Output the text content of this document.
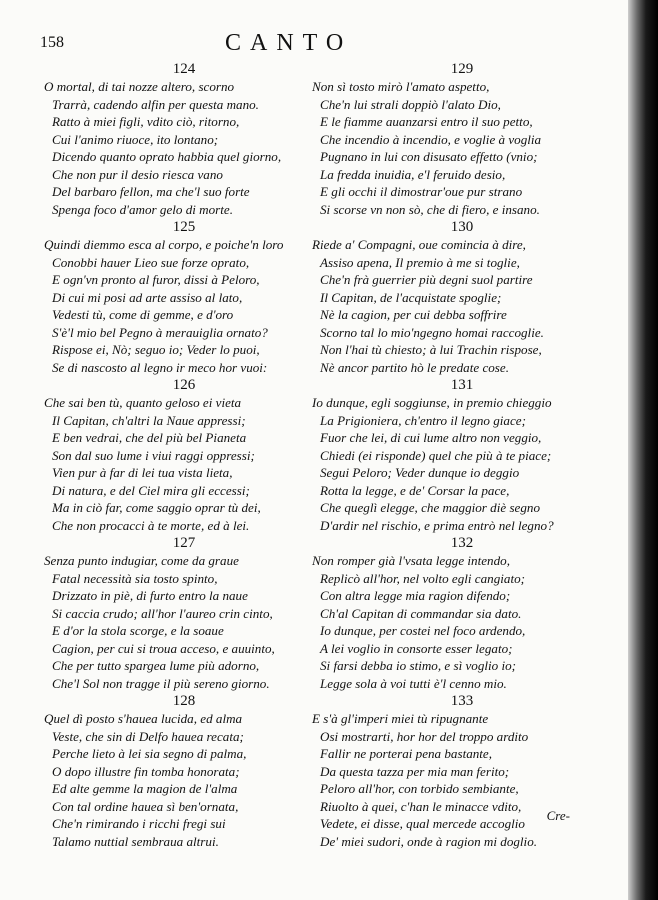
158	CANTO
124
O mortal, di tai nozze altero, scorno
Trarrà, cadendo alfin per questa mano.
Ratto à miei figli, vdito ciò, ritorno,
Cui l'animo riuoce, ito lontano;
Dicendo quanto oprato habbia quel giorno,
Che non pur il desio riesca vano
Del barbaro fellon, ma che'l suo forte
Spenga foco d'amor gelo di morte.
125
Quindi diemmo esca al corpo, e poiche'n loro
Conobbi hauer Lieo sue forze oprato,
E ogn'vn pronto al furor, dissi à Peloro,
Di cui mi posi ad arte assiso al lato,
Vedesti tù, come di gemme, e d'oro
S'è'l mio bel Pegno à merauiglia ornato?
Rispose ei, Nò; seguo io; Veder lo puoi,
Se di nascosto al legno ir meco hor vuoi:
126
Che sai ben tù, quanto geloso ei vieta
Il Capitan, ch'altri la Naue appressi;
E ben vedrai, che del più bel Pianeta
Son dal suo lume i viui raggi oppressi;
Vien pur à far di lei tua vista lieta,
Di natura, e del Ciel mira gli eccessi;
Ma in ciò far, come saggio oprar tù dei,
Che non procacci à te morte, ed à lei.
127
Senza punto indugiar, come da graue
Fatal necessità sia tosto spinto,
Drizzato in piè, di furto entro la naue
Si caccia crudo; all'hor l'aureo crin cinto,
E d'or la stola scorge, e la soaue
Cagion, per cui si troua acceso, e auuinto,
Che per tutto spargea lume più adorno,
Che'l Sol non tragge il più sereno giorno.
128
Quel dì posto s'hauea lucida, ed alma
Veste, che sin di Delfo hauea recata;
Perche lieto à lei sia segno di palma,
O dopo illustre fin tomba honorata;
Ed alte gemme la magion de l'alma
Con tal ordine hauea sì ben'ornata,
Che'n rimirando i ricchi fregi sui
Talamo nuttial sembraua altrui.
129
Non sì tosto mirò l'amato aspetto,
Che'n lui strali doppiò l'alato Dio,
E le fiamme auanzarsi entro il suo petto,
Che incendio à incendio, e voglie à voglia
Pugnano in lui con disusato effetto (vnio;
La fredda inuidia, e'l feruido desio,
E gli occhi il dimostrar'oue pur strano
Si scorse vn non sò, che di fiero, e insano.
130
Riede a' Compagni, oue comincia à dire,
Assiso apena, Il premio à me si toglie,
Che'n frà guerrier più degni suol partire
Il Capitan, de l'acquistate spoglie;
Nè la cagion, per cui debba soffrire
Scorno tal lo mio'ngegno homai raccoglie.
Non l'hai tù chiesto; à lui Trachin rispose,
Nè ancor partito hò le predate cose.
131
Io dunque, egli soggiunse, in premio chieggio
La Prigioniera, ch'entro il legno giace;
Fuor che lei, di cui lume altro non veggio,
Chiedi (ei risponde) quel che più à te piace;
Segui Peloro; Veder dunque io deggio
Rotta la legge, e de' Corsar la pace,
Che queglì elegge, che maggior diè segno
D'ardir nel rischio, e prima entrò nel legno?
132
Non romper già l'vsata legge intendo,
Replicò all'hor, nel volto egli cangiato;
Con altra legge mia ragion difendo;
Ch'al Capitan di commandar sia dato.
Io dunque, per costei nel foco ardendo,
A lei voglio in consorte esser legato;
Si farsi debba io stimo, e sì voglio io;
Legge sola à voi tutti è'l cenno mio.
133
E s'à gl'imperi miei tù ripugnante
Osi mostrarti, hor hor del troppo ardito
Fallir ne porterai pena bastante,
Da questa tazza per mia man ferito;
Peloro all'hor, con torbido sembiante,
Riuolto à quei, c'han le minacce vdito,
Vedete, ei disse, qual mercede accoglio
De' miei sudori, onde à ragion mi doglio.
Cre-
